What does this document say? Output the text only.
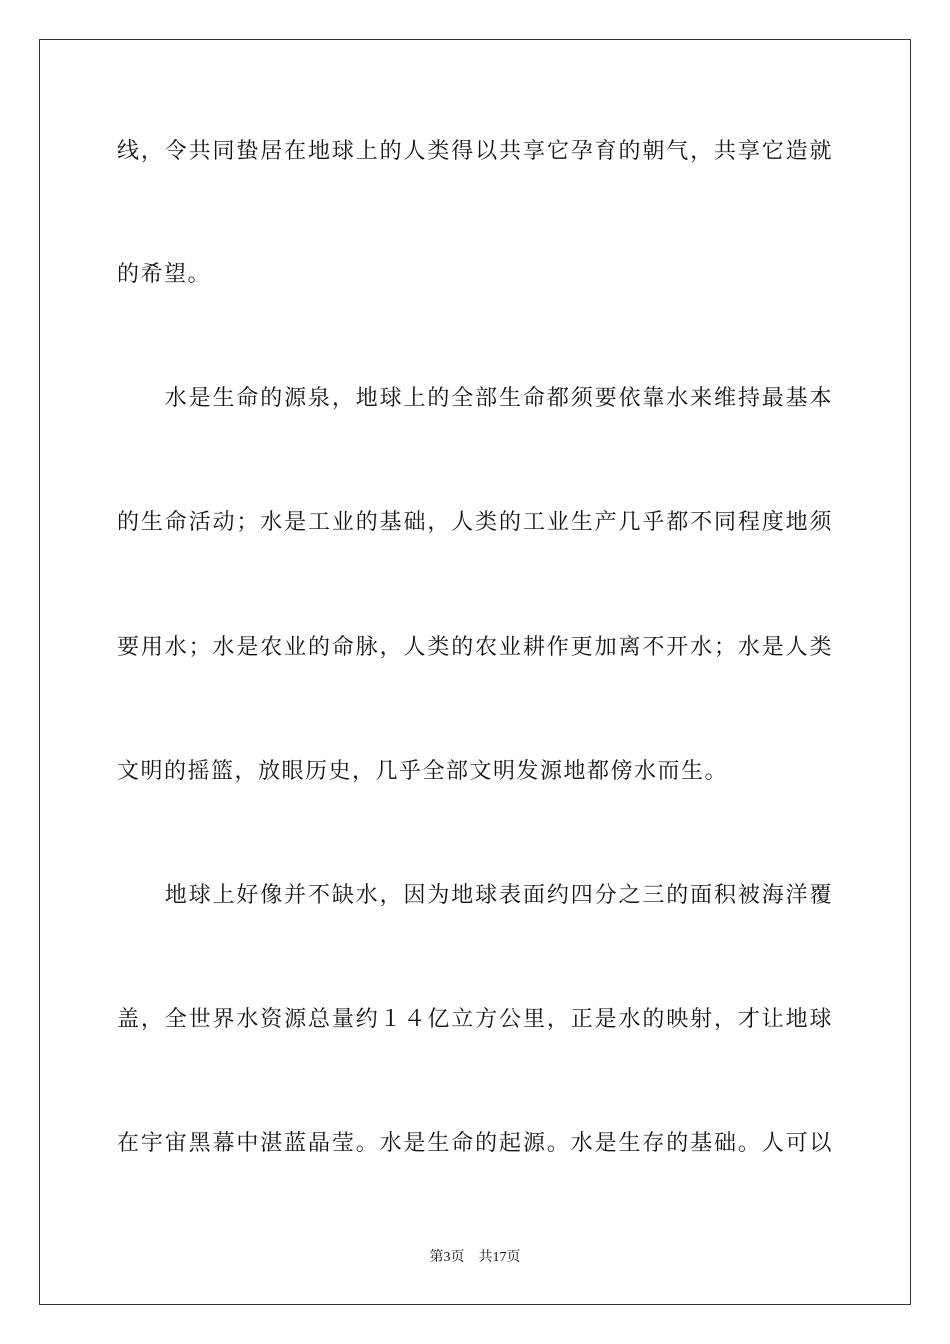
线，令共同蛰居在地球上的人类得以共享它孕育的朝气，共享它造就
的希望。
　　水是生命的源泉，地球上的全部生命都须要依靠水来维持最基本
的生命活动；水是工业的基础，人类的工业生产几乎都不同程度地须
要用水；水是农业的命脉，人类的农业耕作更加离不开水；水是人类
文明的摇篮，放眼历史，几乎全部文明发源地都傍水而生。
　　地球上好像并不缺水，因为地球表面约四分之三的面积被海洋覆
盖，全世界水资源总量约１４亿立方公里，正是水的映射，才让地球
在宇宙黑幕中湛蓝晶莹。水是生命的起源。水是生存的基础。人可以
第3页 共17页
